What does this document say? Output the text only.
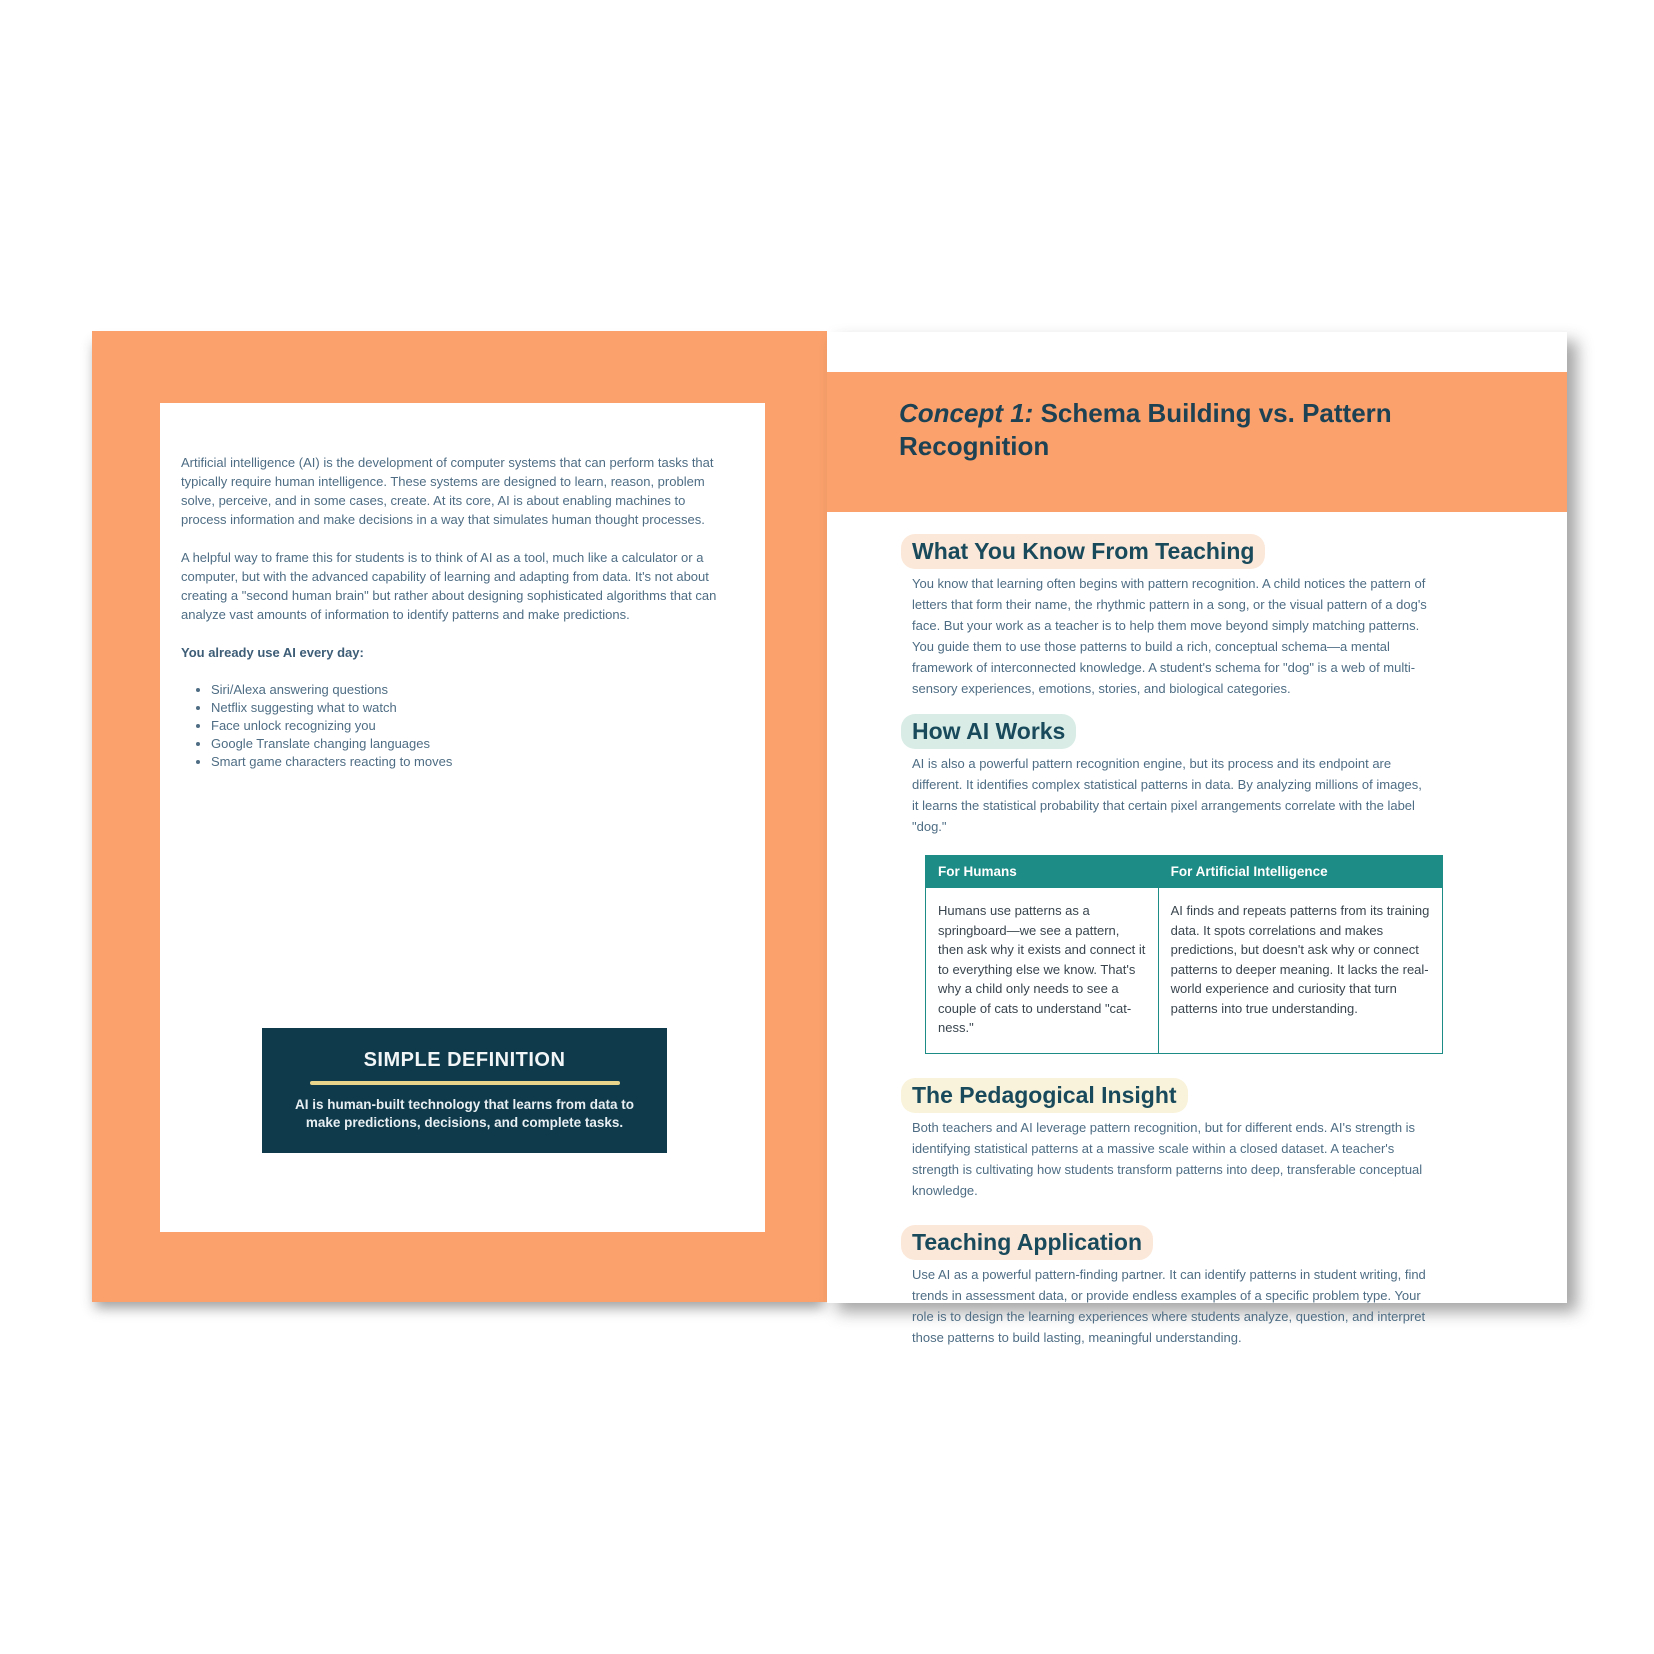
Artificial intelligence (AI) is the development of computer systems that can perform tasks that typically require human intelligence. These systems are designed to learn, reason, problem solve, perceive, and in some cases, create. At its core, AI is about enabling machines to process information and make decisions in a way that simulates human thought processes.

A helpful way to frame this for students is to think of AI as a tool, much like a calculator or a computer, but with the advanced capability of learning and adapting from data. It's not about creating a "second human brain" but rather about designing sophisticated algorithms that can analyze vast amounts of information to identify patterns and make predictions.

You already use AI every day:

• Siri/Alexa answering questions
• Netflix suggesting what to watch
• Face unlock recognizing you
• Google Translate changing languages
• Smart game characters reacting to moves

SIMPLE DEFINITION

AI is human-built technology that learns from data to make predictions, decisions, and complete tasks.

Concept 1: Schema Building vs. Pattern Recognition
What You Know From Teaching

You know that learning often begins with pattern recognition. A child notices the pattern of letters that form their name, the rhythmic pattern in a song, or the visual pattern of a dog's face. But your work as a teacher is to help them move beyond simply matching patterns. You guide them to use those patterns to build a rich, conceptual schema—a mental framework of interconnected knowledge. A student's schema for "dog" is a web of multi-sensory experiences, emotions, stories, and biological categories.

How AI Works

AI is also a powerful pattern recognition engine, but its process and its endpoint are different. It identifies complex statistical patterns in data. By analyzing millions of images, it learns the statistical probability that certain pixel arrangements correlate with the label "dog."

For Humans	For Artificial Intelligence
Humans use patterns as a springboard—we see a pattern, then ask why it exists and connect it to everything else we know. That's why a child only needs to see a couple of cats to understand "cat-ness."	AI finds and repeats patterns from its training data. It spots correlations and makes predictions, but doesn't ask why or connect patterns to deeper meaning. It lacks the real-world experience and curiosity that turn patterns into true understanding.
The Pedagogical Insight

Both teachers and AI leverage pattern recognition, but for different ends. AI's strength is identifying statistical patterns at a massive scale within a closed dataset. A teacher's strength is cultivating how students transform patterns into deep, transferable conceptual knowledge.

Teaching Application

Use AI as a powerful pattern-finding partner. It can identify patterns in student writing, find trends in assessment data, or provide endless examples of a specific problem type. Your role is to design the learning experiences where students analyze, question, and interpret those patterns to build lasting, meaningful understanding.
